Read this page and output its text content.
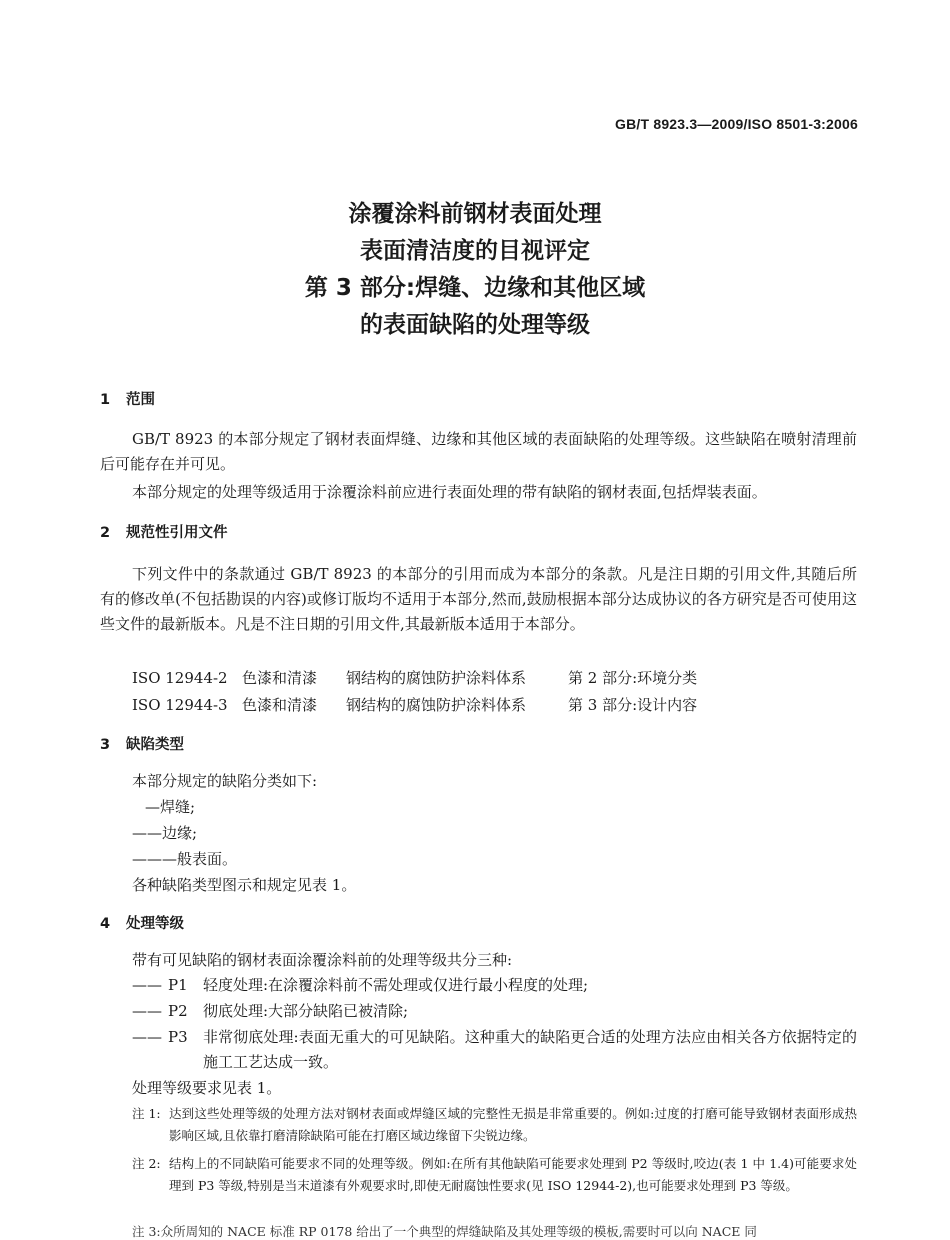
GB/T 8923.3—2009/ISO 8501-3:2006
涂覆涂料前钢材表面处理
表面清洁度的目视评定
第 3 部分:焊缝、边缘和其他区域
的表面缺陷的处理等级
1 范围
GB/T 8923 的本部分规定了钢材表面焊缝、边缘和其他区域的表面缺陷的处理等级。这些缺陷在喷射清理前后可能存在并可见。
本部分规定的处理等级适用于涂覆涂料前应进行表面处理的带有缺陷的钢材表面,包括焊装表面。
2 规范性引用文件
下列文件中的条款通过 GB/T 8923 的本部分的引用而成为本部分的条款。凡是注日期的引用文件,其随后所有的修改单(不包括勘误的内容)或修订版均不适用于本部分,然而,鼓励根据本部分达成协议的各方研究是否可使用这些文件的最新版本。凡是不注日期的引用文件,其最新版本适用于本部分。
ISO 12944-2 色漆和清漆 钢结构的腐蚀防护涂料体系	第 2 部分:环境分类
ISO 12944-3 色漆和清漆 钢结构的腐蚀防护涂料体系	第 3 部分:设计内容
3 缺陷类型
本部分规定的缺陷分类如下:
—焊缝;
——边缘;
———般表面。
各种缺陷类型图示和规定见表 1。
4 处理等级
带有可见缺陷的钢材表面涂覆涂料前的处理等级共分三种:
—— P1	轻度处理:在涂覆涂料前不需处理或仅进行最小程度的处理;
—— P2	彻底处理:大部分缺陷已被清除;
—— P3	非常彻底处理:表面无重大的可见缺陷。这种重大的缺陷更合适的处理方法应由相关各方依据特定的施工工艺达成一致。
处理等级要求见表 1。
注 1: 达到这些处理等级的处理方法对钢材表面或焊缝区域的完整性无损是非常重要的。例如:过度的打磨可能导致钢材表面形成热影响区域,且依靠打磨清除缺陷可能在打磨区域边缘留下尖锐边缘。
注 2: 结构上的不同缺陷可能要求不同的处理等级。例如:在所有其他缺陷可能要求处理到 P2 等级时,咬边(表 1 中 1.4)可能要求处理到 P3 等级,特别是当末道漆有外观要求时,即使无耐腐蚀性要求(见 ISO 12944-2),也可能要求处理到 P3 等级。
注 3:众所周知的 NACE 标准 RP 0178 给出了一个典型的焊缝缺陷及其处理等级的模板,需要时可以向 NACE 同
